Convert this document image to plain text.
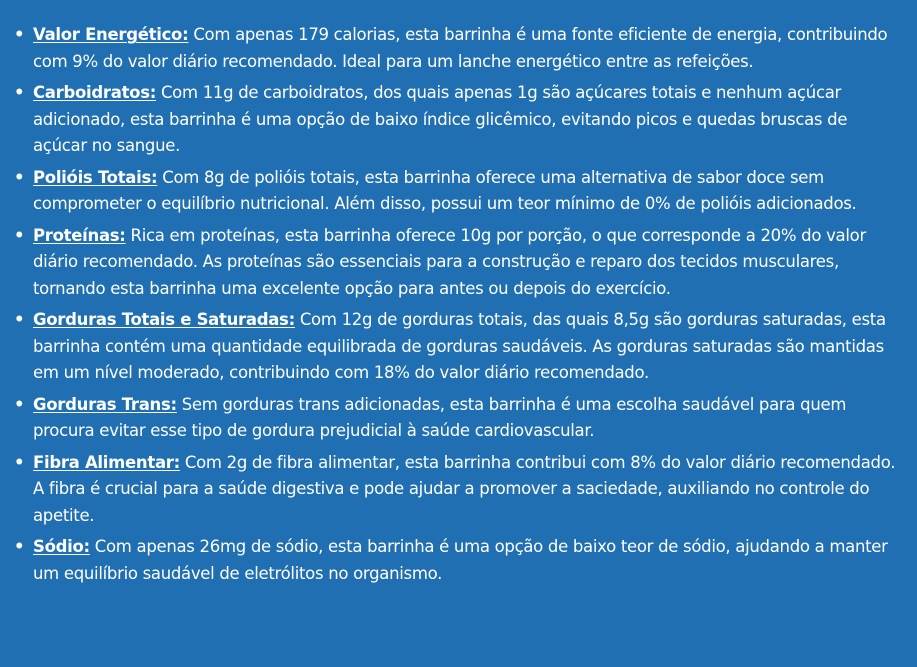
• Valor Energético: Com apenas 179 calorias, esta barrinha é uma fonte eficiente de energia, contribuindo com 9% do valor diário recomendado. Ideal para um lanche energético entre as refeições.
• Carboidratos: Com 11g de carboidratos, dos quais apenas 1g são açúcares totais e nenhum açúcar adicionado, esta barrinha é uma opção de baixo índice glicêmico, evitando picos e quedas bruscas de açúcar no sangue.
• Polióis Totais: Com 8g de polióis totais, esta barrinha oferece uma alternativa de sabor doce sem comprometer o equilíbrio nutricional. Além disso, possui um teor mínimo de 0% de polióis adicionados.
• Proteínas: Rica em proteínas, esta barrinha oferece 10g por porção, o que corresponde a 20% do valor diário recomendado. As proteínas são essenciais para a construção e reparo dos tecidos musculares, tornando esta barrinha uma excelente opção para antes ou depois do exercício.
• Gorduras Totais e Saturadas: Com 12g de gorduras totais, das quais 8,5g são gorduras saturadas, esta barrinha contém uma quantidade equilibrada de gorduras saudáveis. As gorduras saturadas são mantidas em um nível moderado, contribuindo com 18% do valor diário recomendado.
• Gorduras Trans: Sem gorduras trans adicionadas, esta barrinha é uma escolha saudável para quem procura evitar esse tipo de gordura prejudicial à saúde cardiovascular.
• Fibra Alimentar: Com 2g de fibra alimentar, esta barrinha contribui com 8% do valor diário recomendado. A fibra é crucial para a saúde digestiva e pode ajudar a promover a saciedade, auxiliando no controle do apetite.
• Sódio: Com apenas 26mg de sódio, esta barrinha é uma opção de baixo teor de sódio, ajudando a manter um equilíbrio saudável de eletrólitos no organismo.
